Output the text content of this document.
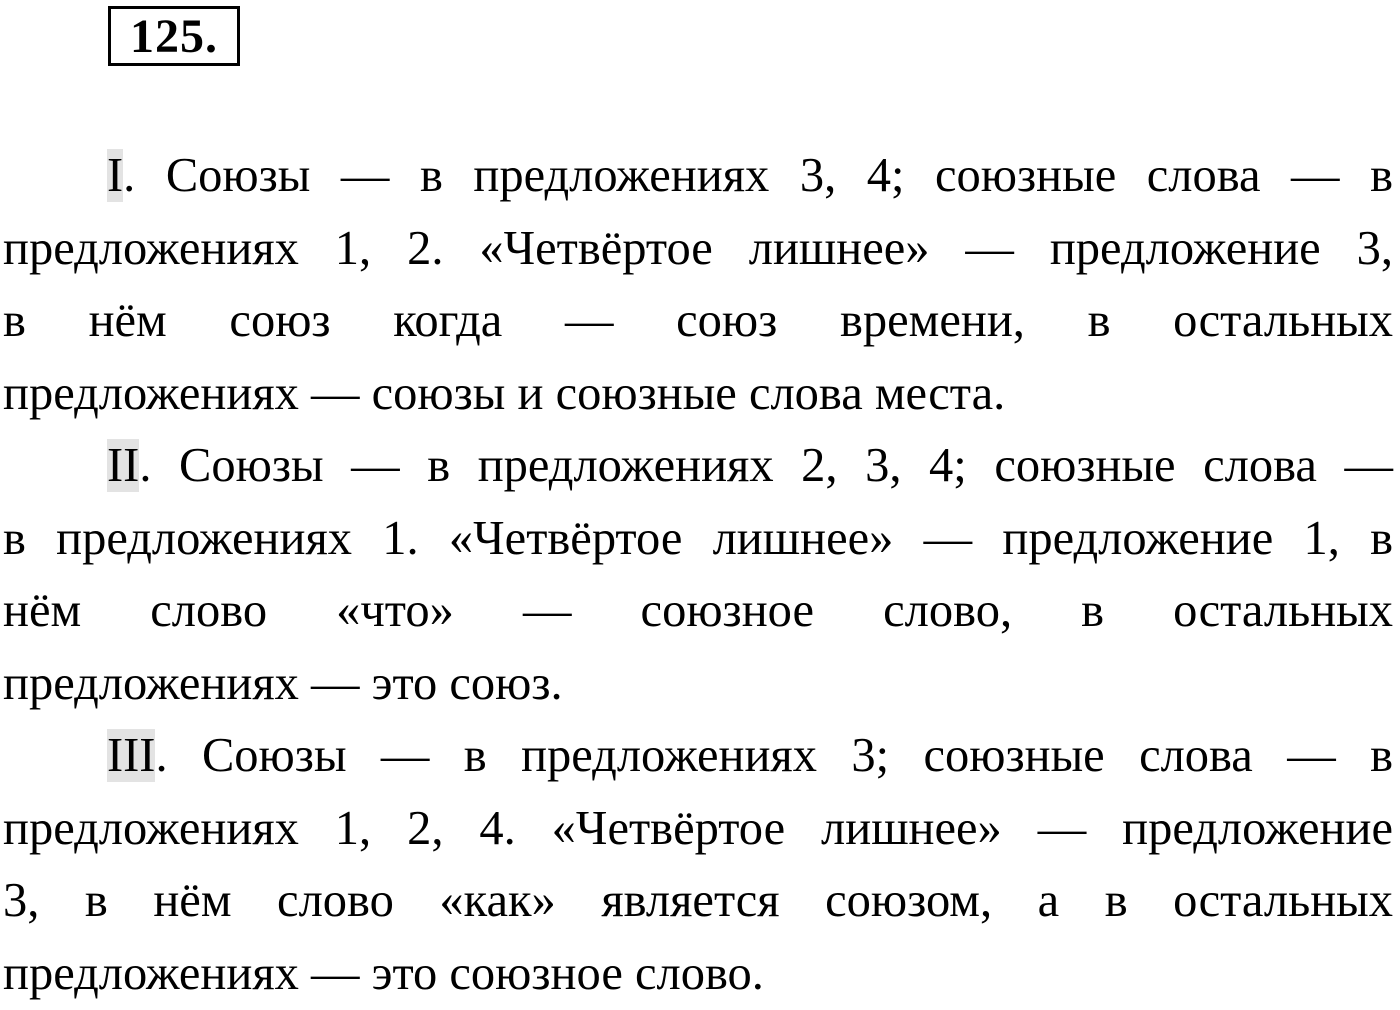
125.
I. Союзы — в предложениях 3, 4; союзные слова — в
предложениях 1, 2. «Четвёртое лишнее» — предложение 3,
в нём союз когда — союз времени, в остальных
предложениях — союзы и союзные слова места.
II. Союзы — в предложениях 2, 3, 4; союзные слова —
в предложениях 1. «Четвёртое лишнее» — предложение 1, в
нём слово «что» — союзное слово, в остальных
предложениях — это союз.
III. Союзы — в предложениях 3; союзные слова — в
предложениях 1, 2, 4. «Четвёртое лишнее» — предложение
3, в нём слово «как» является союзом, а в остальных
предложениях — это союзное слово.
